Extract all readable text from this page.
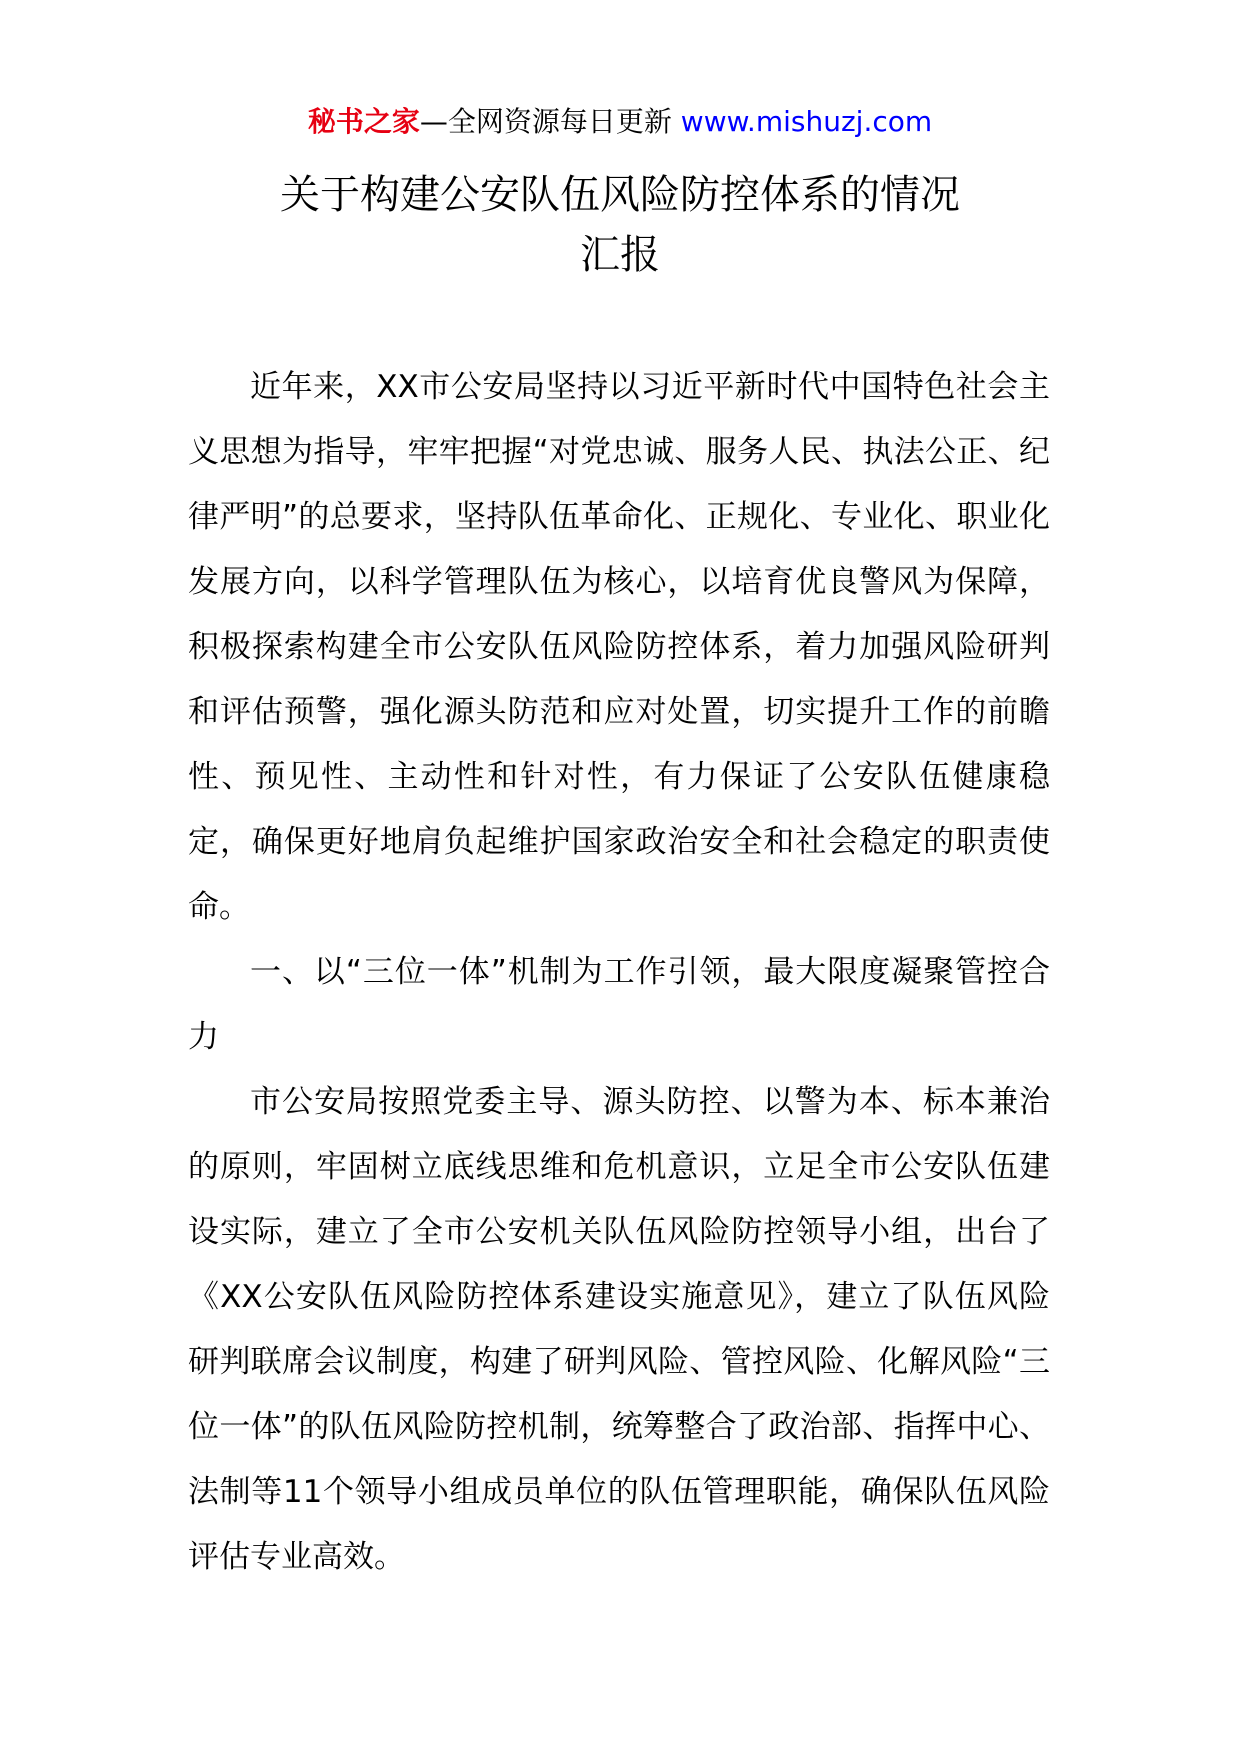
秘书之家—全网资源每日更新 www.mishuzj.com
关于构建公安队伍风险防控体系的情况
汇报

近年来，XX市公安局坚持以习近平新时代中国特色社会主义思想为指导，牢牢把握“对党忠诚、服务人民、执法公正、纪律严明”的总要求，坚持队伍革命化、正规化、专业化、职业化发展方向，以科学管理队伍为核心，以培育优良警风为保障，积极探索构建全市公安队伍风险防控体系，着力加强风险研判和评估预警，强化源头防范和应对处置，切实提升工作的前瞻性、预见性、主动性和针对性，有力保证了公安队伍健康稳定，确保更好地肩负起维护国家政治安全和社会稳定的职责使命。

一、以“三位一体”机制为工作引领，最大限度凝聚管控合力

市公安局按照党委主导、源头防控、以警为本、标本兼治的原则，牢固树立底线思维和危机意识，立足全市公安队伍建设实际，建立了全市公安机关队伍风险防控领导小组，出台了《XX公安队伍风险防控体系建设实施意见》，建立了队伍风险研判联席会议制度，构建了研判风险、管控风险、化解风险“三位一体”的队伍风险防控机制，统筹整合了政治部、指挥中心、法制等11个领导小组成员单位的队伍管理职能，确保队伍风险评估专业高效。
